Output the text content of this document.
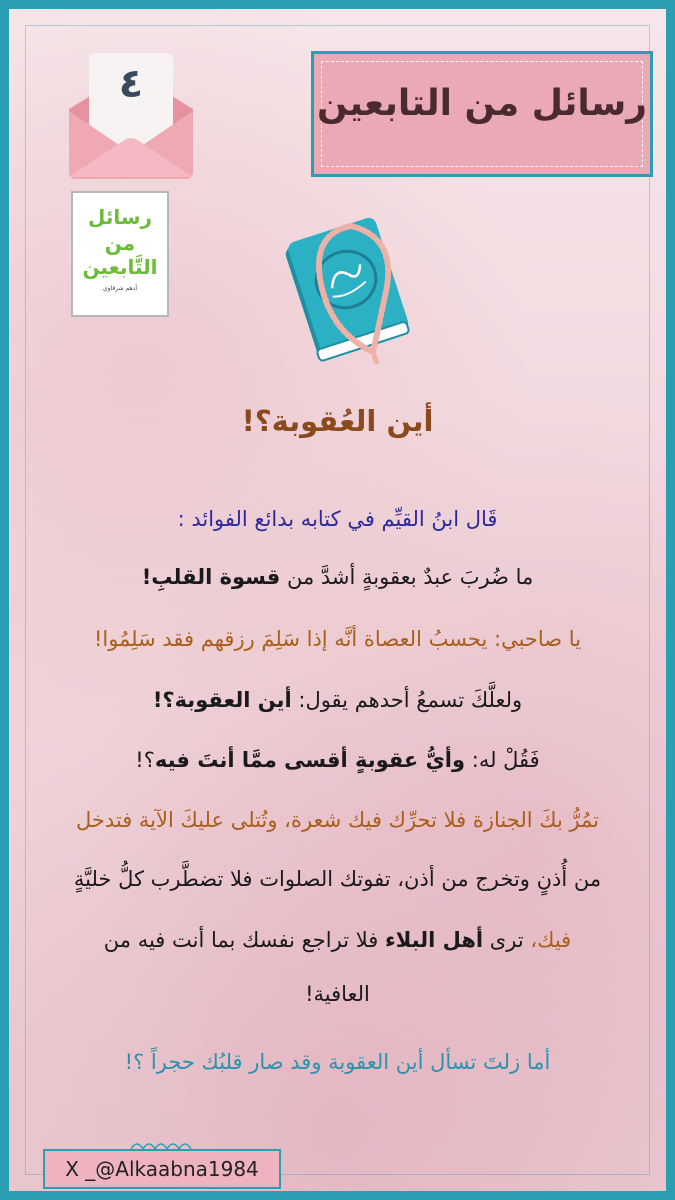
٤
رسائل
من
التَّابعين
أدهم شرقاوي
رسائل من التابعين
أين العُقوبة؟!
قَال ابنُ القيِّم في كتابه بدائع الفوائد :
ما ضُربَ عبدٌ بعقوبةٍ أشدَّ من قسوة القلبِ!
يا صاحبي: يحسبُ العصاة أنَّه إذا سَلِمَ رزقهم فقد سَلِمُوا!
ولعلَّكَ تسمعُ أحدهم يقول: أين العقوبة؟!
فَقُلْ له: وأيُّ عقوبةٍ أقسى ممَّا أنتَ فيه؟!
تمُرُّ بكَ الجنازة فلا تحرِّك فيك شعرة، وتُتلى عليكَ الآية فتدخل
من أُذنٍ وتخرج من أذن، تفوتك الصلوات فلا تضطَّرب كلُّ خليَّةٍ
فيك، ترى أهل البلاء فلا تراجع نفسك بما أنت فيه من
العافية!
أما زلتَ تسأل أين العقوبة وقد صار قلبُك حجراً ؟!
X _@Alkaabna1984
